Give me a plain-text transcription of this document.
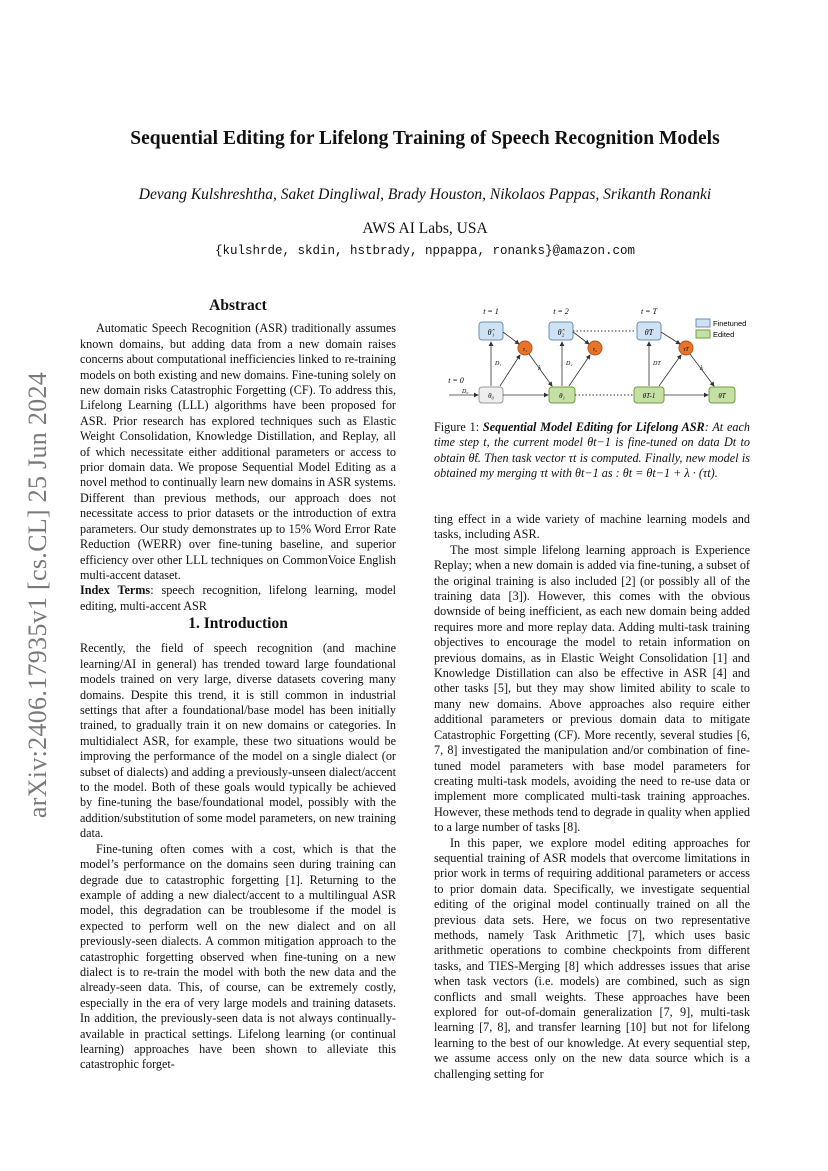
arXiv:2406.17935v1 [cs.CL] 25 Jun 2024
Sequential Editing for Lifelong Training of Speech Recognition Models
Devang Kulshreshtha, Saket Dingliwal, Brady Houston, Nikolaos Pappas, Srikanth Ronanki
AWS AI Labs, USA
{kulshrde, skdin, hstbrady, nppappa, ronanks}@amazon.com
Abstract

Automatic Speech Recognition (ASR) traditionally assumes known domains, but adding data from a new domain raises concerns about computational inefficiencies linked to re-training models on both existing and new domains. Fine-tuning solely on new domain risks Catastrophic Forgetting (CF). To address this, Lifelong Learning (LLL) algorithms have been proposed for ASR. Prior research has explored techniques such as Elastic Weight Consolidation, Knowledge Distillation, and Replay, all of which necessitate either additional parameters or access to prior domain data. We propose Sequential Model Editing as a novel method to continually learn new domains in ASR systems. Different than previous methods, our approach does not necessitate access to prior datasets or the introduction of extra parameters. Our study demonstrates up to 15% Word Error Rate Reduction (WERR) over fine-tuning baseline, and superior efficiency over other LLL techniques on CommonVoice English multi-accent dataset.

Index Terms: speech recognition, lifelong learning, model editing, multi-accent ASR

1. Introduction

Recently, the field of speech recognition (and machine learning/AI in general) has trended toward large foundational models trained on very large, diverse datasets covering many domains. Despite this trend, it is still common in industrial settings that after a foundational/base model has been initially trained, to gradually train it on new domains or categories. In multidialect ASR, for example, these two situations would be improving the performance of the model on a single dialect (or subset of dialects) and adding a previously-unseen dialect/accent to the model. Both of these goals would typically be achieved by fine-tuning the base/foundational model, possibly with the addition/substitution of some model parameters, on new training data.

Fine-tuning often comes with a cost, which is that the model’s performance on the domains seen during training can degrade due to catastrophic forgetting [1]. Returning to the example of adding a new dialect/accent to a multilingual ASR model, this degradation can be troublesome if the model is expected to perform well on the new dialect and on all previously-seen dialects. A common mitigation approach to the catastrophic forgetting observed when fine-tuning on a new dialect is to re-train the model with both the new data and the already-seen data. This, of course, can be extremely costly, especially in the era of very large models and training datasets. In addition, the previously-seen data is not always continually-available in practical settings. Lifelong learning (or continual learning) approaches have been shown to alleviate this catastrophic forget-

t = 1	t = 2	t = T
t = 0
θ̂₁	θ̂₂	θ̂T
τ₁	τ₂	τT
θ₀	θ₁	θT-1	θT
D₁	D₂	DT
λ	λ
D₀
Finetuned
Edited
Figure 1: Sequential Model Editing for Lifelong ASR: At each time step t, the current model θt−1 is fine-tuned on data Dt to obtain θ̂t. Then task vector τt is computed. Finally, new model is obtained my merging τt with θt−1 as : θt = θt−1 + λ · (τt).

ting effect in a wide variety of machine learning models and tasks, including ASR.

The most simple lifelong learning approach is Experience Replay; when a new domain is added via fine-tuning, a subset of the original training is also included [2] (or possibly all of the training data [3]). However, this comes with the obvious downside of being inefficient, as each new domain being added requires more and more replay data. Adding multi-task training objectives to encourage the model to retain information on previous domains, as in Elastic Weight Consolidation [1] and Knowledge Distillation can also be effective in ASR [4] and other tasks [5], but they may show limited ability to scale to many new domains. Above approaches also require either additional parameters or previous domain data to mitigate Catastrophic Forgetting (CF). More recently, several studies [6, 7, 8] investigated the manipulation and/or combination of fine-tuned model parameters with base model parameters for creating multi-task models, avoiding the need to re-use data or implement more complicated multi-task training approaches. However, these methods tend to degrade in quality when applied to a large number of tasks [8].

In this paper, we explore model editing approaches for sequential training of ASR models that overcome limitations in prior work in terms of requiring additional parameters or access to prior domain data. Specifically, we investigate sequential editing of the original model continually trained on all the previous data sets. Here, we focus on two representative methods, namely Task Arithmetic [7], which uses basic arithmetic operations to combine checkpoints from different tasks, and TIES-Merging [8] which addresses issues that arise when task vectors (i.e. models) are combined, such as sign conflicts and small weights. These approaches have been explored for out-of-domain generalization [7, 9], multi-task learning [7, 8], and transfer learning [10] but not for lifelong learning to the best of our knowledge. At every sequential step, we assume access only on the new data source which is a challenging setting for
